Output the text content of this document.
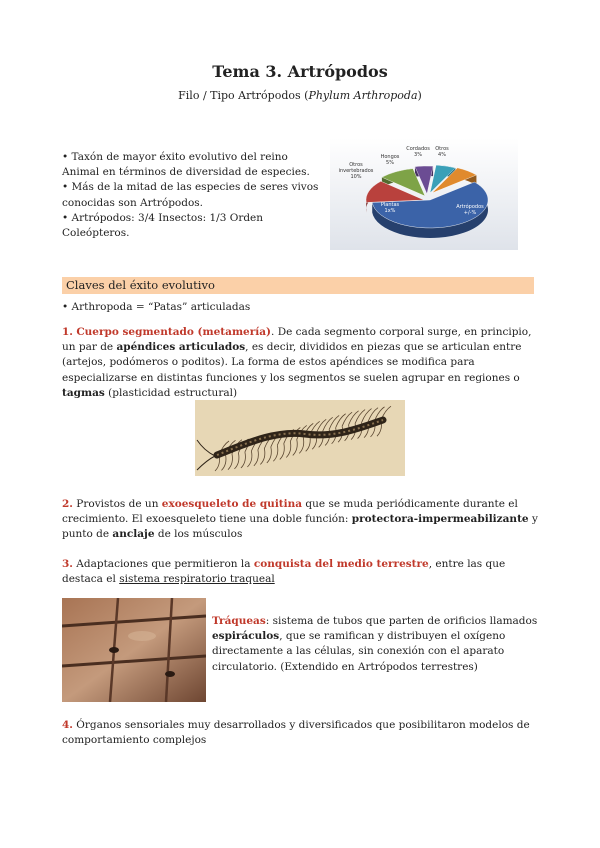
Tema 3. Artrópodos
Filo / Tipo Artrópodos (Phylum Arthropoda)

• Taxón de mayor éxito evolutivo del reino Animal en términos de diversidad de especies.

• Más de la mitad de las especies de seres vivos conocidas son Artrópodos.

• Artrópodos: 3/4 Insectos: 1/3 Orden Coleópteros.

Artrópodos
+/-%
Plantas
1x%
Otros
invertebrados
10%
Hongos
5%
Cordados
3%
Otros
4%
Claves del éxito evolutivo
• Arthropoda = “Patas” articuladas

1. Cuerpo segmentado (metamería). De cada segmento corporal surge, en principio, un par de apéndices articulados, es decir, divididos en piezas que se articulan entre (artejos, podómeros o poditos). La forma de estos apéndices se modifica para especializarse en distintas funciones y los segmentos se suelen agrupar en regiones o tagmas (plasticidad estructural)

2. Provistos de un exoesqueleto de quitina que se muda periódicamente durante el crecimiento. El exoesqueleto tiene una doble función: protectora-impermeabilizante y punto de anclaje de los músculos

3. Adaptaciones que permitieron la conquista del medio terrestre, entre las que destaca el sistema respiratorio traqueal

Tráqueas: sistema de tubos que parten de orificios llamados espiráculos, que se ramifican y distribuyen el oxígeno directamente a las células, sin conexión con el aparato circulatorio. (Extendido en Artrópodos terrestres)

4. Órganos sensoriales muy desarrollados y diversificados que posibilitaron modelos de comportamiento complejos
